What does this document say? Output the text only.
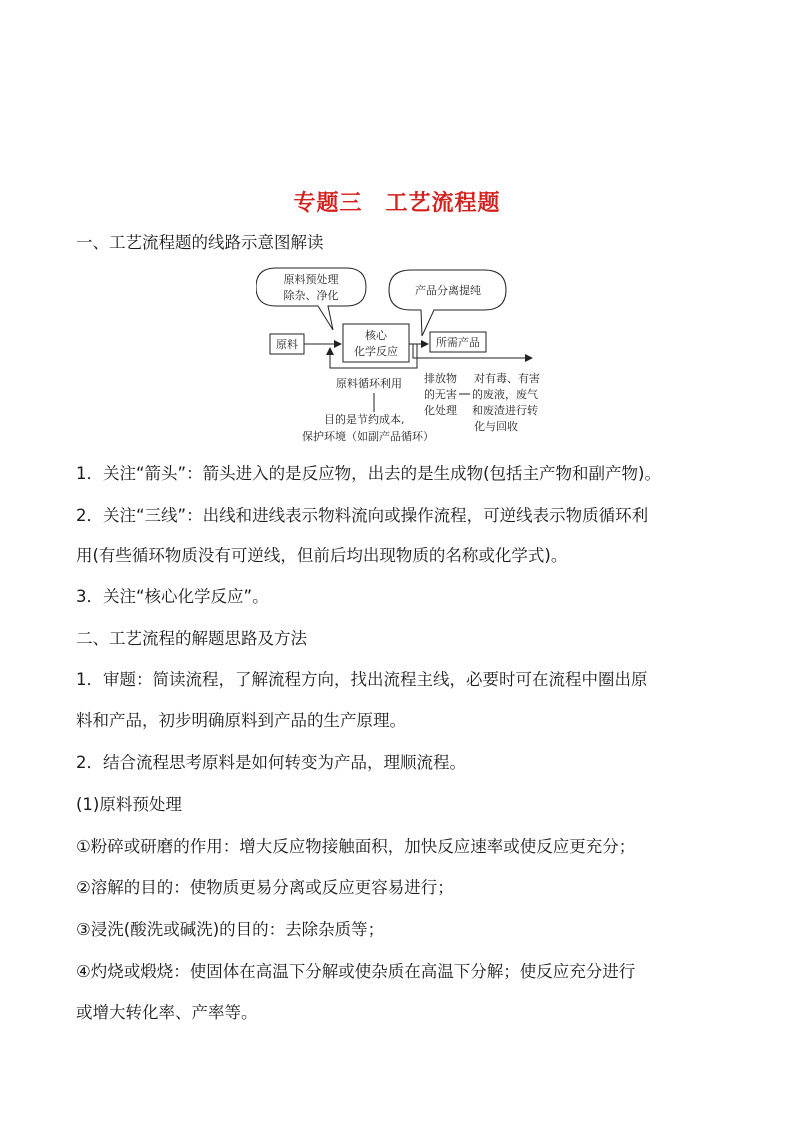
专题三　工艺流程题
一、工艺流程题的线路示意图解读
原料预处理
除杂、净化	产品分离提纯
原料
核心
化学反应
所需产品
原料循环利用
目的是节约成本,
保护环境（如副产品循环）
排放物
的无害
化处理
对有毒、有害
的废液，废气
和废渣进行转
化与回收
1．关注“箭头”：箭头进入的是反应物，出去的是生成物(包括主产物和副产物)。
2．关注“三线”：出线和进线表示物料流向或操作流程，可逆线表示物质循环利
用(有些循环物质没有可逆线，但前后均出现物质的名称或化学式)。
3．关注“核心化学反应”。
二、工艺流程的解题思路及方法
1．审题：简读流程，了解流程方向，找出流程主线，必要时可在流程中圈出原
料和产品，初步明确原料到产品的生产原理。
2．结合流程思考原料是如何转变为产品，理顺流程。
(1)原料预处理
①粉碎或研磨的作用：增大反应物接触面积，加快反应速率或使反应更充分；
②溶解的目的：使物质更易分离或反应更容易进行；
③浸洗(酸洗或碱洗)的目的：去除杂质等；
④灼烧或煅烧：使固体在高温下分解或使杂质在高温下分解；使反应充分进行
或增大转化率、产率等。
